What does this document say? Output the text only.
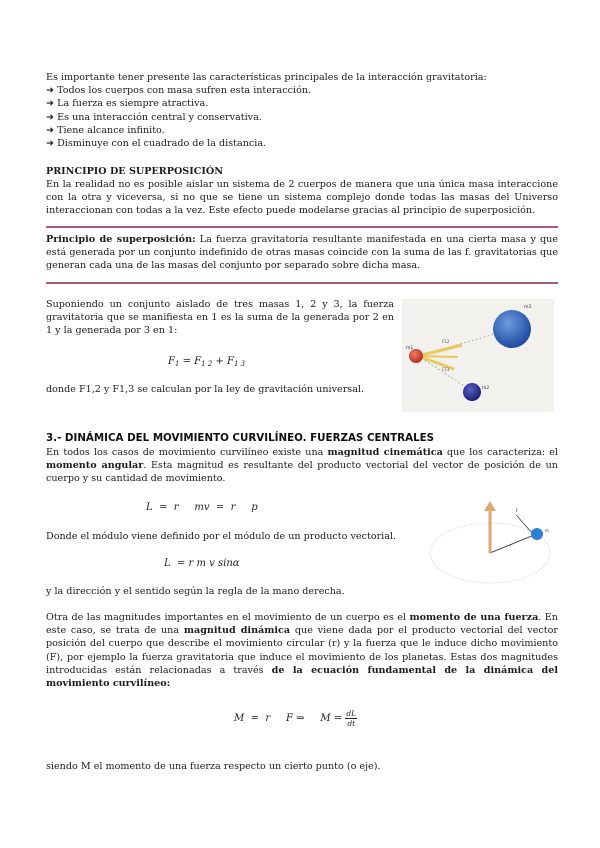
Es importante tener presente las características principales de la interacción gravitatoria:
➜ Todos los cuerpos con masa sufren esta interacción.
➜ La fuerza es siempre atractiva.
➜ Es una interacción central y conservativa.
➜ Tiene alcance infinito.
➜ Disminuye con el cuadrado de la distancia.
PRINCIPIO DE SUPERPOSICIÓN
En la realidad no es posible aislar un sistema de 2 cuerpos de manera que una única masa interaccione con la otra y viceversa, si no que se tiene un sistema complejo donde todas las masas del Universo interaccionan con todas a la vez. Este efecto puede modelarse gracias al principio de superposición.
Principio de superposición: La fuerza gravitatoria resultante manifestada en una cierta masa y que está generada por un conjunto indefinido de otras masas coincide con la suma de las f. gravitatorias que generan cada una de las masas del conjunto por separado sobre dicha masa.
Suponiendo un conjunto aislado de tres masas 1, 2 y 3, la fuerza gravitatoria que se manifiesta en 1 es la suma de la generada por 2 en 1 y la generada por 3 en 1:
$F_1 = F_{1 2} + F_{1 3}$
donde F1,2 y F1,3 se calculan por la ley de gravitación universal.
m3
m1
m2
F12
F13
3.- DINÁMICA DEL MOVIMIENTO CURVILÍNEO. FUERZAS CENTRALES
En todos los casos de movimiento curvilíneo existe una magnitud cinemática que los caracteriza: el momento angular. Esta magnitud es resultante del producto vectorial del vector de posición de un cuerpo y su cantidad de movimiento.
L  =  r     mv  =  r     p
Donde el módulo viene definido por el módulo de un producto vectorial.
L  = r m v sinα
y la dirección y el sentido según la regla de la mano derecha.
F
r
m
Otra de las magnitudes importantes en el movimiento de un cuerpo es el momento de una fuerza. En este caso, se trata de una magnitud dinámica que viene dada por el producto vectorial del vector posición del cuerpo que describe el movimiento circular (r) y la fuerza que le induce dicho movimiento (F), por ejemplo la fuerza gravitatoria que induce el movimiento de los planetas. Estas dos magnitudes introducidas están relacionadas a través de la ecuación fundamental de la dinámica del movimiento curvilíneo:
M  =  r     F ⇒     $M = \frac{dL}{dt}$
siendo M el momento de una fuerza respecto un cierto punto (o eje).
